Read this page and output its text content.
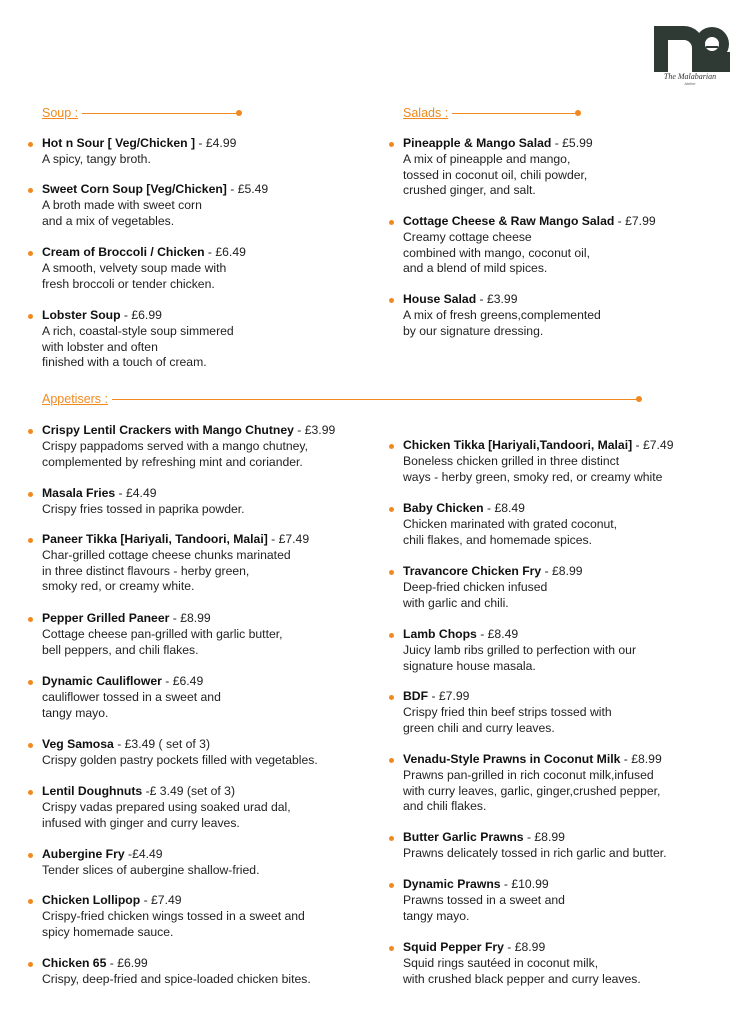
The Malabarian
Atelier
Soup :	Salads :
Appetisers :
Hot n Sour [ Veg/Chicken ] - £4.99
A spicy, tangy broth.
Sweet Corn Soup [Veg/Chicken] - £5.49
A broth made with sweet corn
and a mix of vegetables.
Cream of Broccoli / Chicken - £6.49
A smooth, velvety soup made with
fresh broccoli or tender chicken.
Lobster Soup - £6.99
A rich, coastal-style soup simmered
with lobster and often
finished with a touch of cream.
Pineapple & Mango Salad - £5.99
A mix of pineapple and mango,
tossed in coconut oil, chili powder,
crushed ginger, and salt.
Cottage Cheese & Raw Mango Salad - £7.99
Creamy cottage cheese
combined with mango, coconut oil,
and a blend of mild spices.
House Salad - £3.99
A mix of fresh greens,complemented
by our signature dressing.
Crispy Lentil Crackers with Mango Chutney - £3.99
Crispy pappadoms served with a mango chutney,
complemented by refreshing mint and coriander.
Masala Fries - £4.49
Crispy fries tossed in paprika powder.
Paneer Tikka [Hariyali, Tandoori, Malai] - £7.49
Char-grilled cottage cheese chunks marinated
in three distinct flavours - herby green,
smoky red, or creamy white.
Pepper Grilled Paneer - £8.99
Cottage cheese pan-grilled with garlic butter,
bell peppers, and chili flakes.
Dynamic Cauliflower - £6.49
cauliflower tossed in a sweet and
tangy mayo.
Veg Samosa - £3.49 ( set of 3)
Crispy golden pastry pockets filled with vegetables.
Lentil Doughnuts -£ 3.49 (set of 3)
Crispy vadas prepared using soaked urad dal,
infused with ginger and curry leaves.
Aubergine Fry -£4.49
Tender slices of aubergine shallow-fried.
Chicken Lollipop - £7.49
Crispy-fried chicken wings tossed in a sweet and
spicy homemade sauce.
Chicken 65 - £6.99
Crispy, deep-fried and spice-loaded chicken bites.
Chicken Tikka [Hariyali,Tandoori, Malai] - £7.49
Boneless chicken grilled in three distinct
ways - herby green, smoky red, or creamy white
Baby Chicken - £8.49
Chicken marinated with grated coconut,
chili flakes, and homemade spices.
Travancore Chicken Fry - £8.99
Deep-fried chicken infused
with garlic and chili.
Lamb Chops - £8.49
Juicy lamb ribs grilled to perfection with our
signature house masala.
BDF - £7.99
Crispy fried thin beef strips tossed with
green chili and curry leaves.
Venadu-Style Prawns in Coconut Milk - £8.99
Prawns pan-grilled in rich coconut milk,infused
with curry leaves, garlic, ginger,crushed pepper,
and chili flakes.
Butter Garlic Prawns - £8.99
Prawns delicately tossed in rich garlic and butter.
Dynamic Prawns - £10.99
Prawns tossed in a sweet and
tangy mayo.
Squid Pepper Fry - £8.99
Squid rings sautéed in coconut milk,
with crushed black pepper and curry leaves.
